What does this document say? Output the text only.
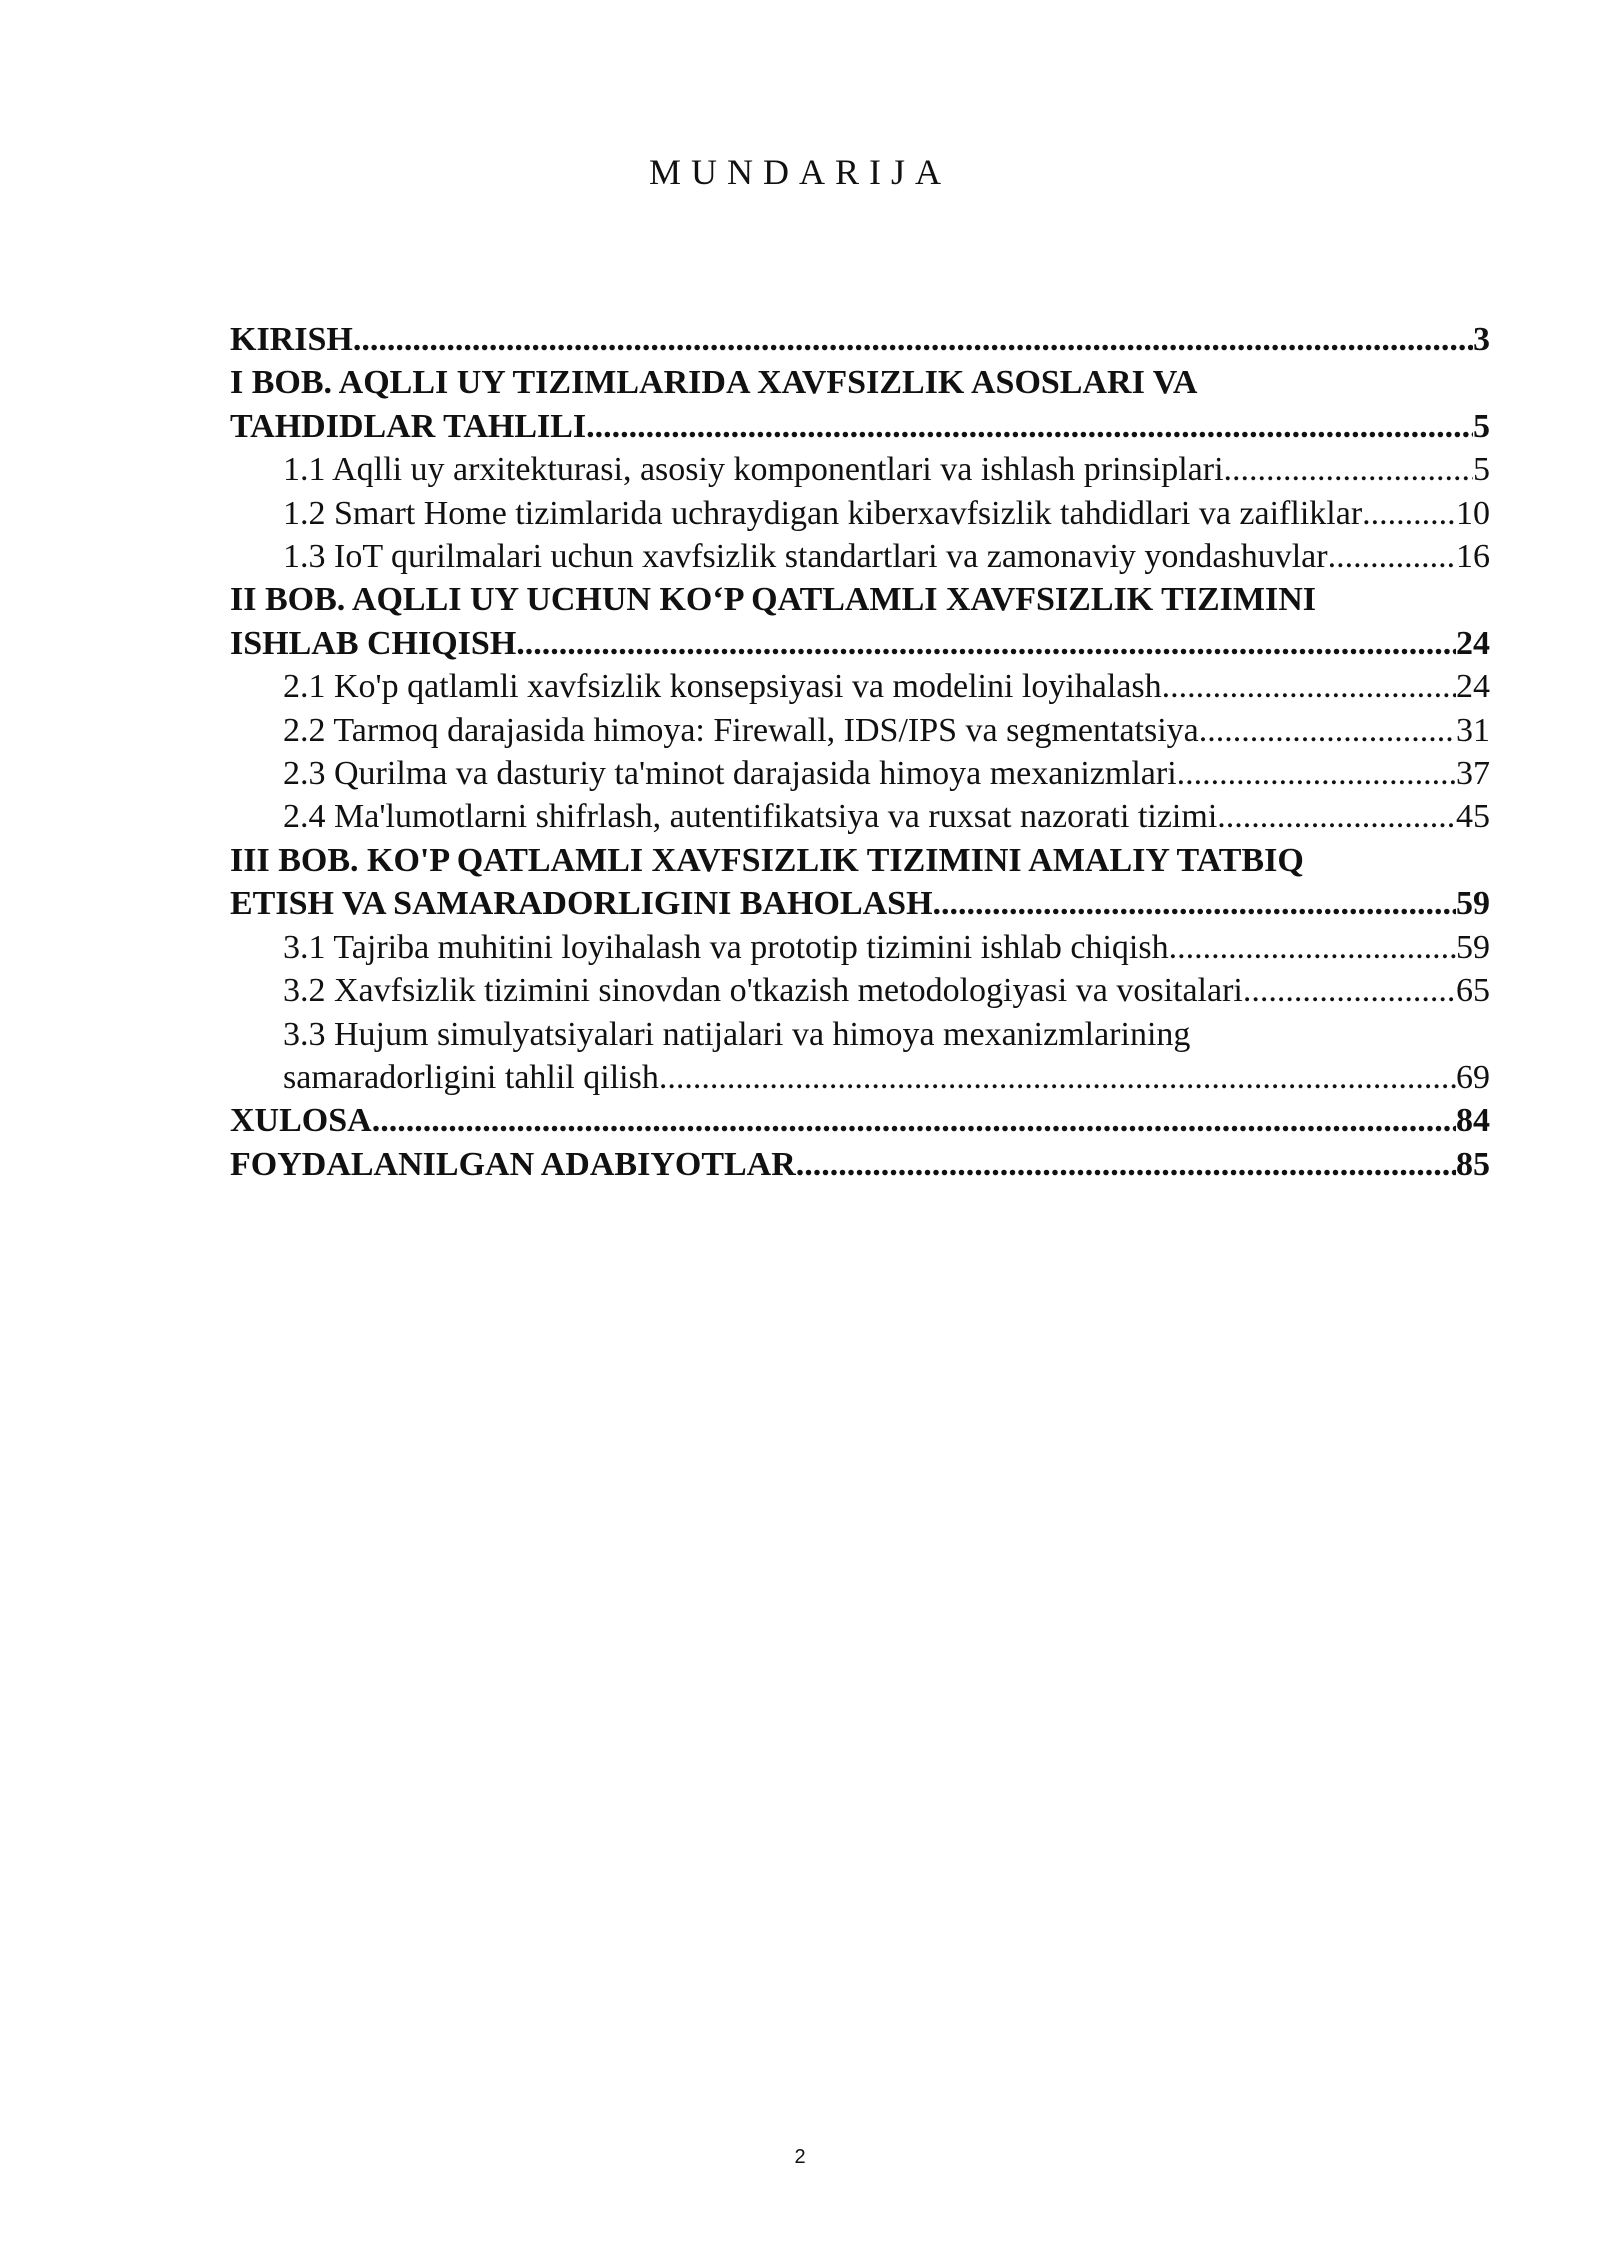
MUNDARIJA
KIRISH .....	3
I BOB. AQLLI UY TIZIMLARIDA XAVFSIZLIK ASOSLARI VA
TAHDIDLAR TAHLILI .....	5
1.1 Aqlli uy arxitekturasi, asosiy komponentlari va ishlash prinsiplari .....	5
1.2 Smart Home tizimlarida uchraydigan kiberxavfsizlik tahdidlari va zaifliklar .....	10
1.3 IoT qurilmalari uchun xavfsizlik standartlari va zamonaviy yondashuvlar .....	16
II BOB. AQLLI UY UCHUN KO‘P QATLAMLI XAVFSIZLIK TIZIMINI
ISHLAB CHIQISH .....	24
2.1 Ko'p qatlamli xavfsizlik konsepsiyasi va modelini loyihalash .....	24
2.2 Tarmoq darajasida himoya: Firewall, IDS/IPS va segmentatsiya .....	31
2.3 Qurilma va dasturiy ta'minot darajasida himoya mexanizmlari .....	37
2.4 Ma'lumotlarni shifrlash, autentifikatsiya va ruxsat nazorati tizimi .....	45
III BOB. KO'P QATLAMLI XAVFSIZLIK TIZIMINI AMALIY TATBIQ
ETISH VA SAMARADORLIGINI BAHOLASH .....	59
3.1 Tajriba muhitini loyihalash va prototip tizimini ishlab chiqish .....	59
3.2 Xavfsizlik tizimini sinovdan o'tkazish metodologiyasi va vositalari .....	65
3.3 Hujum simulyatsiyalari natijalari va himoya mexanizmlarining
samaradorligini tahlil qilish .....	69
XULOSA .....	84
FOYDALANILGAN ADABIYOTLAR .....	85
2
